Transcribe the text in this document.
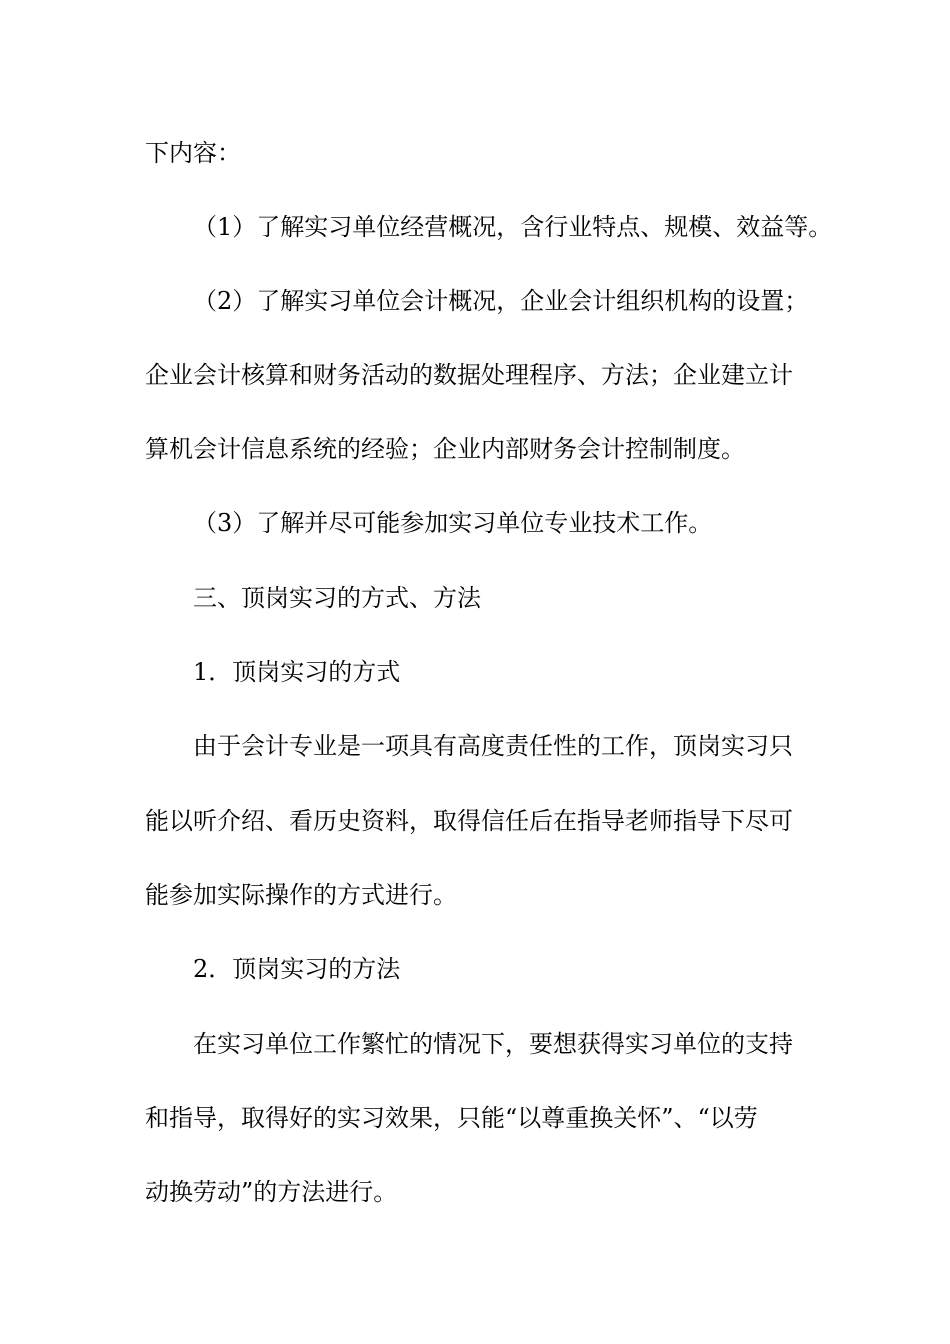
下内容：
（1）了解实习单位经营概况，含行业特点、规模、效益等。
（2）了解实习单位会计概况，企业会计组织机构的设置；
企业会计核算和财务活动的数据处理程序、方法；企业建立计
算机会计信息系统的经验；企业内部财务会计控制制度。
（3）了解并尽可能参加实习单位专业技术工作。
三、顶岗实习的方式、方法
1．顶岗实习的方式
由于会计专业是一项具有高度责任性的工作，顶岗实习只
能以听介绍、看历史资料，取得信任后在指导老师指导下尽可
能参加实际操作的方式进行。
2．顶岗实习的方法
在实习单位工作繁忙的情况下，要想获得实习单位的支持
和指导，取得好的实习效果，只能“以尊重换关怀”、“以劳
动换劳动”的方法进行。
